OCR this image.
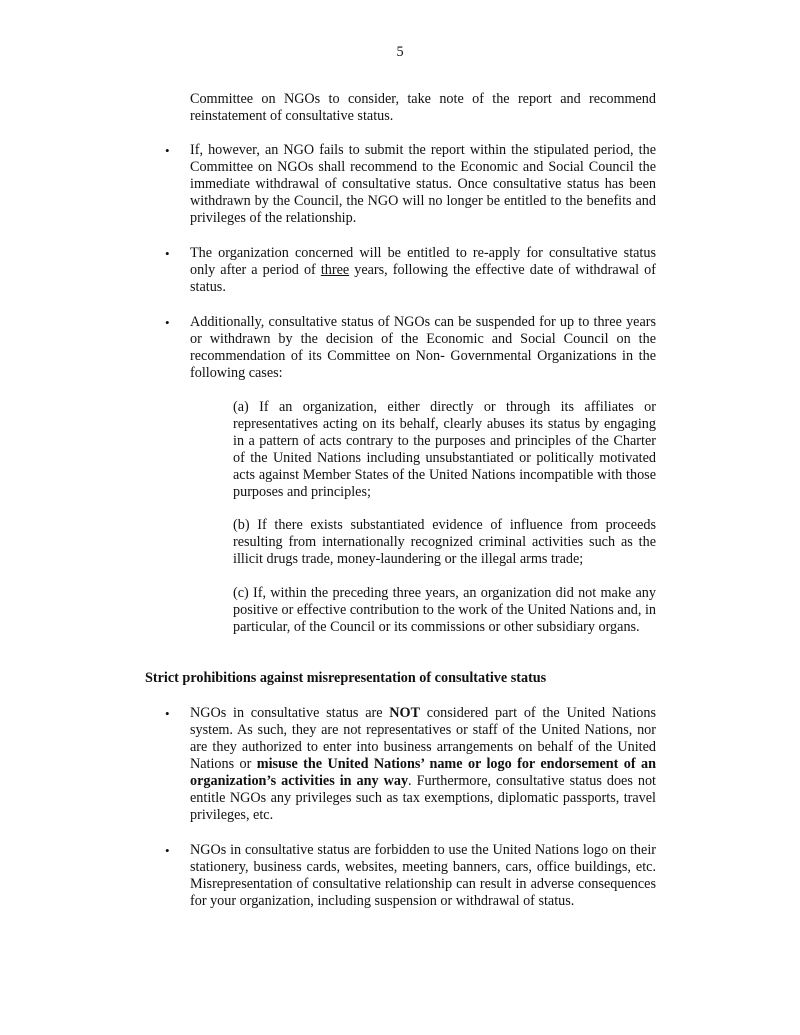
5

Committee on NGOs to consider, take note of the report and recommend reinstatement of consultative status.

• If, however, an NGO fails to submit the report within the stipulated period, the Committee on NGOs shall recommend to the Economic and Social Council the immediate withdrawal of consultative status. Once consultative status has been withdrawn by the Council, the NGO will no longer be entitled to the benefits and privileges of the relationship.

• The organization concerned will be entitled to re-apply for consultative status only after a period of three years, following the effective date of withdrawal of status.

• Additionally, consultative status of NGOs can be suspended for up to three years or withdrawn by the decision of the Economic and Social Council on the recommendation of its Committee on Non- Governmental Organizations in the following cases:

(a) If an organization, either directly or through its affiliates or representatives acting on its behalf, clearly abuses its status by engaging in a pattern of acts contrary to the purposes and principles of the Charter of the United Nations including unsubstantiated or politically motivated acts against Member States of the United Nations incompatible with those purposes and principles;

(b) If there exists substantiated evidence of influence from proceeds resulting from internationally recognized criminal activities such as the illicit drugs trade, money-laundering or the illegal arms trade;

(c) If, within the preceding three years, an organization did not make any positive or effective contribution to the work of the United Nations and, in particular, of the Council or its commissions or other subsidiary organs.

Strict prohibitions against misrepresentation of consultative status
• NGOs in consultative status are NOT considered part of the United Nations system. As such, they are not representatives or staff of the United Nations, nor are they authorized to enter into business arrangements on behalf of the United Nations or misuse the United Nations’ name or logo for endorsement of an organization’s activities in any way. Furthermore, consultative status does not entitle NGOs any privileges such as tax exemptions, diplomatic passports, travel privileges, etc.

• NGOs in consultative status are forbidden to use the United Nations logo on their stationery, business cards, websites, meeting banners, cars, office buildings, etc. Misrepresentation of consultative relationship can result in adverse consequences for your organization, including suspension or withdrawal of status.
